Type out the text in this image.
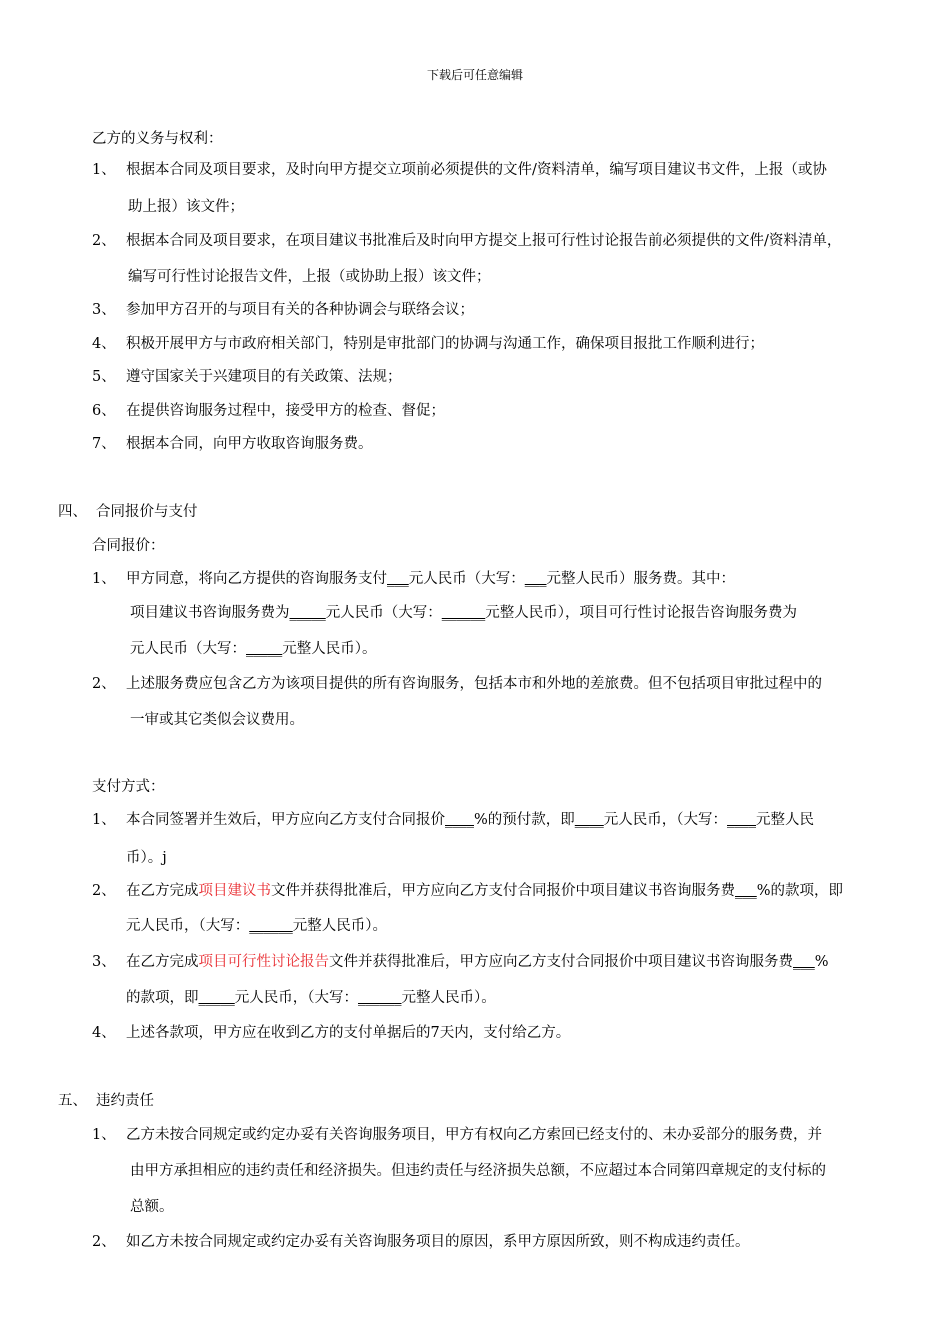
下载后可任意编辑
乙方的义务与权利：
1、 根据本合同及项目要求，及时向甲方提交立项前必须提供的文件/资料清单，编写项目建议书文件，上报（或协
助上报）该文件；
2、 根据本合同及项目要求，在项目建议书批准后及时向甲方提交上报可行性讨论报告前必须提供的文件/资料清单，
编写可行性讨论报告文件，上报（或协助上报）该文件；
3、 参加甲方召开的与项目有关的各种协调会与联络会议；
4、 积极开展甲方与市政府相关部门，特别是审批部门的协调与沟通工作，确保项目报批工作顺利进行；
5、 遵守国家关于兴建项目的有关政策、法规；
6、 在提供咨询服务过程中，接受甲方的检查、督促；
7、 根据本合同，向甲方收取咨询服务费。
四、 合同报价与支付
合同报价：
1、 甲方同意，将向乙方提供的咨询服务支付___元人民币（大写：___元整人民币）服务费。其中：
项目建议书咨询服务费为_____元人民币（大写：______元整人民币），项目可行性讨论报告咨询服务费为
元人民币（大写：_____元整人民币）。
2、 上述服务费应包含乙方为该项目提供的所有咨询服务，包括本市和外地的差旅费。但不包括项目审批过程中的
一审或其它类似会议费用。
支付方式：
1、 本合同签署并生效后，甲方应向乙方支付合同报价____%的预付款，即____元人民币，（大写：____元整人民
币）。j
2、 在乙方完成项目建议书文件并获得批准后，甲方应向乙方支付合同报价中项目建议书咨询服务费___%的款项，即
元人民币，（大写：______元整人民币）。
3、 在乙方完成项目可行性讨论报告文件并获得批准后，甲方应向乙方支付合同报价中项目建议书咨询服务费___%
的款项，即_____元人民币，（大写：______元整人民币）。
4、 上述各款项，甲方应在收到乙方的支付单据后的7天内，支付给乙方。
五、 违约责任
1、 乙方未按合同规定或约定办妥有关咨询服务项目，甲方有权向乙方索回已经支付的、未办妥部分的服务费，并
由甲方承担相应的违约责任和经济损失。但违约责任与经济损失总额，不应超过本合同第四章规定的支付标的
总额。
2、 如乙方未按合同规定或约定办妥有关咨询服务项目的原因，系甲方原因所致，则不构成违约责任。
